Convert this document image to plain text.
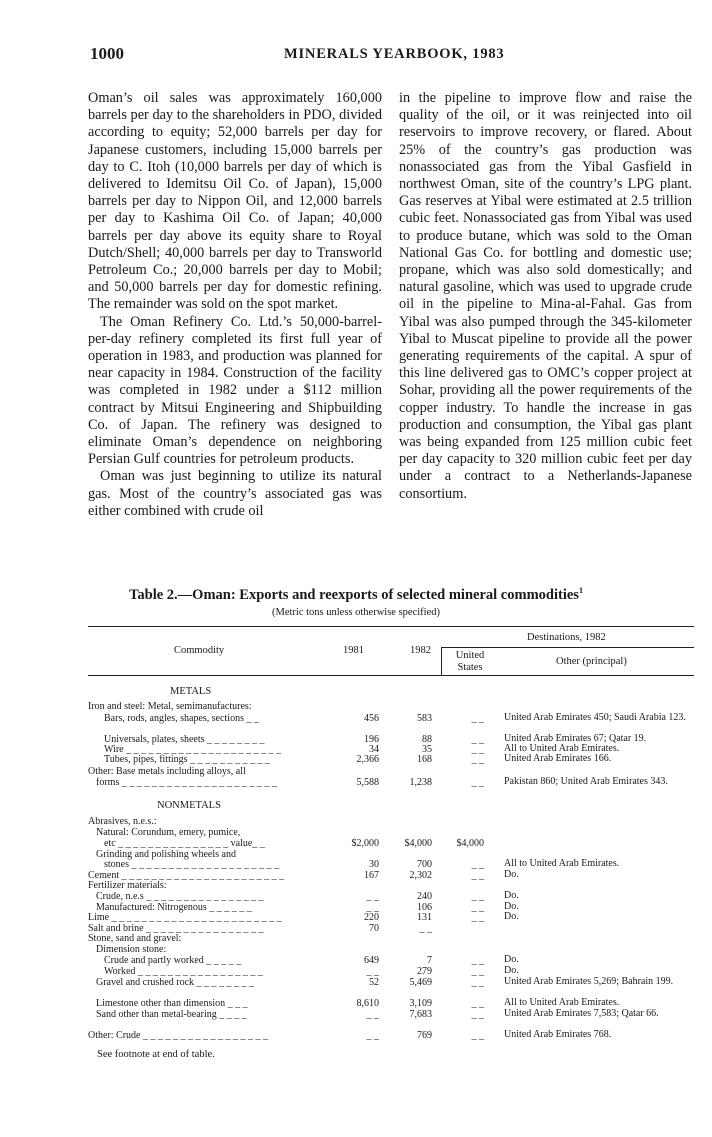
1000	MINERALS YEARBOOK, 1983

Oman’s oil sales was approximately 160,000 barrels per day to the shareholders in PDO, divided according to equity; 52,000 barrels per day for Japanese customers, including 15,000 barrels per day to C. Itoh (10,000 barrels per day of which is delivered to Idemitsu Oil Co. of Japan), 15,000 barrels per day to Nippon Oil, and 12,000 barrels per day to Kashima Oil Co. of Japan; 40,000 barrels per day above its equity share to Royal Dutch/Shell; 40,000 barrels per day to Transworld Petroleum Co.; 20,000 barrels per day to Mobil; and 50,000 barrels per day for domestic refining. The remainder was sold on the spot market.

The Oman Refinery Co. Ltd.’s 50,000-barrel-per-day refinery completed its first full year of operation in 1983, and production was planned for near capacity in 1984. Construction of the facility was completed in 1982 under a $112 million contract by Mitsui Engineering and Shipbuilding Co. of Japan. The refinery was designed to eliminate Oman’s dependence on neighboring Persian Gulf countries for petroleum products.

Oman was just beginning to utilize its natural gas. Most of the country’s associated gas was either combined with crude oil

in the pipeline to improve flow and raise the quality of the oil, or it was reinjected into oil reservoirs to improve recovery, or flared. About 25% of the country’s gas production was nonassociated gas from the Yibal Gasfield in northwest Oman, site of the country’s LPG plant. Gas reserves at Yibal were estimated at 2.5 trillion cubic feet. Nonassociated gas from Yibal was used to produce butane, which was sold to the Oman National Gas Co. for bottling and domestic use; propane, which was also sold domestically; and natural gasoline, which was used to upgrade crude oil in the pipeline to Mina-al-Fahal. Gas from Yibal was also pumped through the 345-kilometer Yibal to Muscat pipeline to provide all the power generating requirements of the capital. A spur of this line delivered gas to OMC’s copper project at Sohar, providing all the power requirements of the copper industry. To handle the increase in gas production and consumption, the Yibal gas plant was being expanded from 125 million cubic feet per day capacity to 320 million cubic feet per day under a contract to a Netherlands-Japanese consortium.

Table 2.—Oman: Exports and reexports of selected mineral commodities$^1$
(Metric tons unless otherwise specified)
Destinations, 1982
Commodity	1981	1982	United States
Other (principal)
METALS
NONMETALS
Iron and steel: Metal, semimanufactures:
Bars, rods, angles, shapes, sections _ _	456	583	_ _ United Arab Emirates 450; Saudi Arabia 123.
Universals, plates, sheets _ _ _ _ _ _ _ _	196	88	_ _ United Arab Emirates 67; Qatar 19.
Wire _ _ _ _ _ _ _ _ _ _ _ _ _ _ _ _ _ _ _ _ _	34	35	_ _ All to United Arab Emirates.
Tubes, pipes, fittings _ _ _ _ _ _ _ _ _ _ _	2,366	168	_ _ United Arab Emirates 166.
Other: Base metals including alloys, all
forms _ _ _ _ _ _ _ _ _ _ _ _ _ _ _ _ _ _ _ _ _	5,588	1,238	_ _ Pakistan 860; United Arab Emirates 343.
Abrasives, n.e.s.:
Natural: Corundum, emery, pumice,
etc _ _ _ _ _ _ _ _ _ _ _ _ _ _ _ value_ _	$2,000	$4,000	$4,000
Grinding and polishing wheels and
stones _ _ _ _ _ _ _ _ _ _ _ _ _ _ _ _ _ _ _ _	30	700	_ _ All to United Arab Emirates.
Cement _ _ _ _ _ _ _ _ _ _ _ _ _ _ _ _ _ _ _ _ _ _	167	2,302	_ _ Do.
Fertilizer materials:
Crude, n.e.s _ _ _ _ _ _ _ _ _ _ _ _ _ _ _ _	_ _	240	_ _ Do.
Manufactured: Nitrogenous _ _ _ _ _ _	_ _	106	_ _ Do.
Lime _ _ _ _ _ _ _ _ _ _ _ _ _ _ _ _ _ _ _ _ _ _ _	220	131	_ _ Do.
Salt and brine _ _ _ _ _ _ _ _ _ _ _ _ _ _ _ _	70	_ _
Stone, sand and gravel:
Dimension stone:
Crude and partly worked _ _ _ _ _	649	7	_ _ Do.
Worked _ _ _ _ _ _ _ _ _ _ _ _ _ _ _ _ _	_ _	279	_ _ Do.
Gravel and crushed rock _ _ _ _ _ _ _ _	52	5,469	_ _ United Arab Emirates 5,269; Bahrain 199.
Limestone other than dimension _ _ _	8,610	3,109	_ _ All to United Arab Emirates.
Sand other than metal-bearing _ _ _ _	_ _	7,683	_ _ United Arab Emirates 7,583; Qatar 66.
Other: Crude _ _ _ _ _ _ _ _ _ _ _ _ _ _ _ _ _	_ _	769	_ _ United Arab Emirates 768.
See footnote at end of table.
